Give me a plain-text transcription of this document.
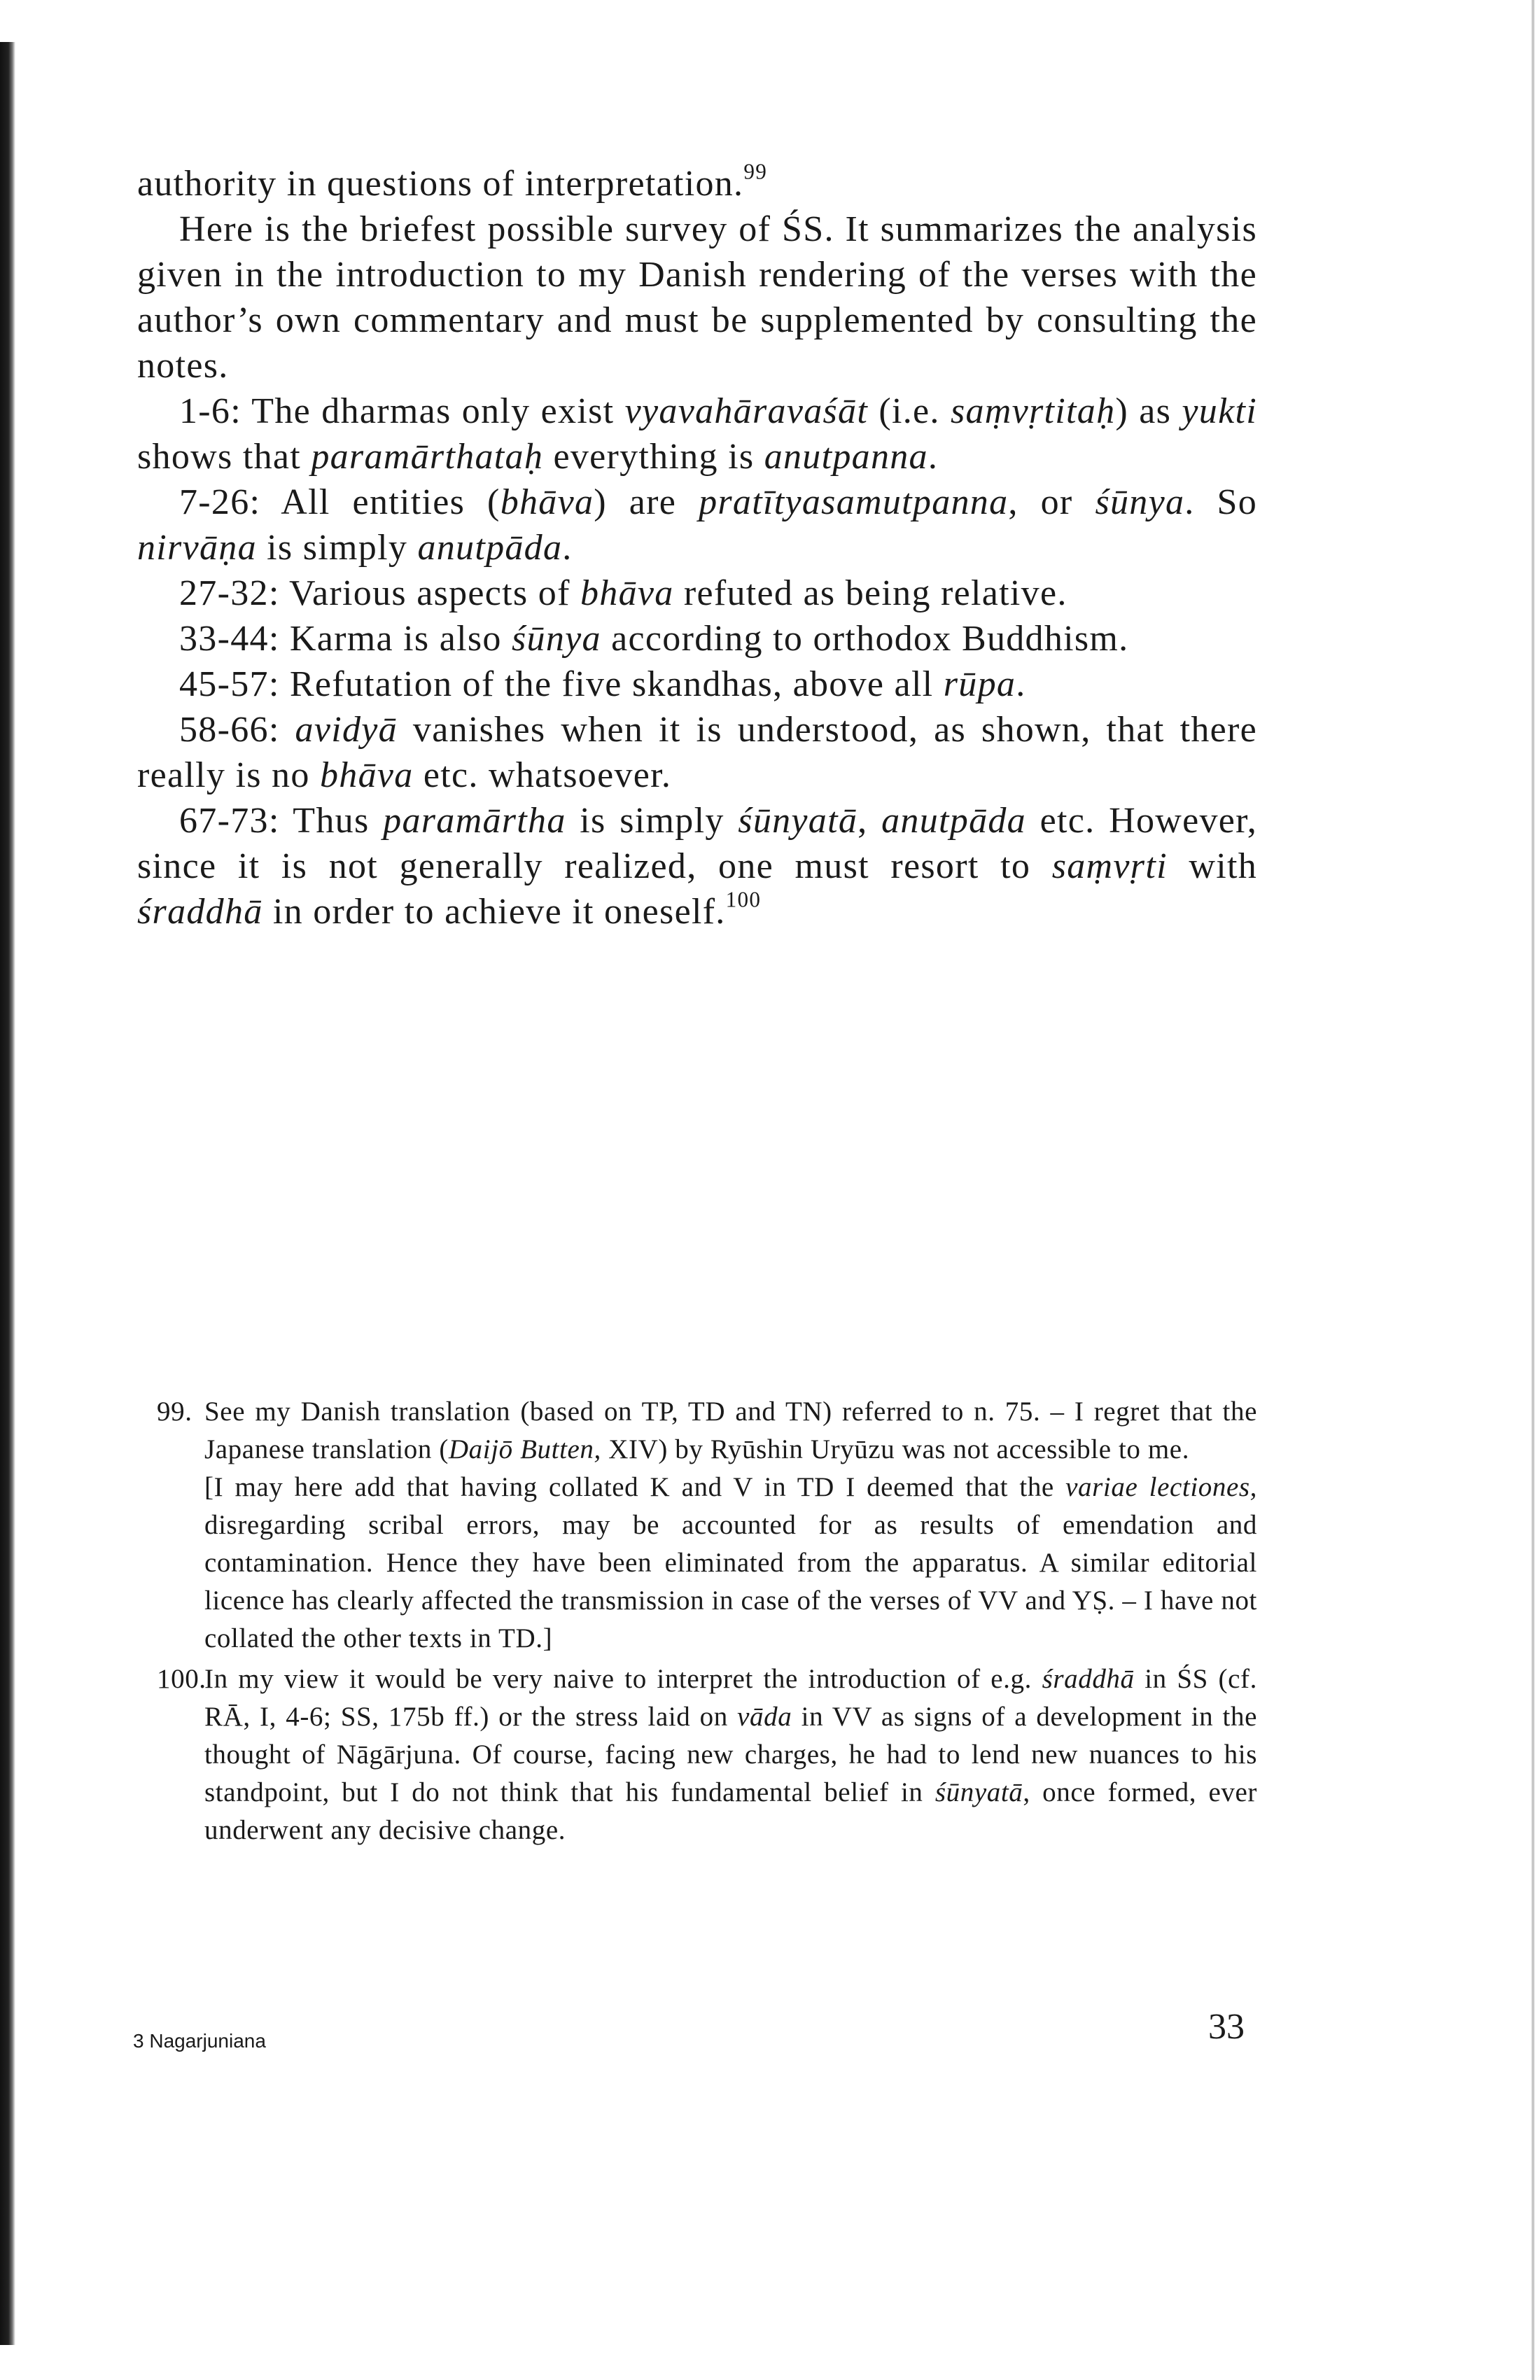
authority in questions of interpretation.$^{99}$

Here is the briefest possible survey of ŚS. It summarizes the analysis given in the introduction to my Danish rendering of the verses with the author’s own commentary and must be supplemented by consulting the notes.

1-6: The dharmas only exist vyavahāravaśāt (i.e. saṃvṛtitaḥ) as yukti shows that paramārthataḥ everything is anutpanna.

7-26: All entities (bhāva) are pratītyasamutpanna, or śūnya. So nirvāṇa is simply anutpāda.

27-32: Various aspects of bhāva refuted as being relative.

33-44: Karma is also śūnya according to orthodox Buddhism.

45-57: Refutation of the five skandhas, above all rūpa.

58-66: avidyā vanishes when it is understood, as shown, that there really is no bhāva etc. whatsoever.

67-73: Thus paramārtha is simply śūnyatā, anutpāda etc. However, since it is not generally realized, one must resort to saṃvṛti with śraddhā in order to achieve it oneself.$^{100}$

99. See my Danish translation (based on TP, TD and TN) referred to n. 75. – I regret that the Japanese translation (Daijō Butten, XIV) by Ryūshin Uryūzu was not accessible to me.

[I may here add that having collated K and V in TD I deemed that the variae lectiones, disregarding scribal errors, may be accounted for as results of emendation and contamination. Hence they have been eliminated from the apparatus. A similar editorial licence has clearly affected the transmission in case of the verses of VV and YṢ. – I have not collated the other texts in TD.]

100.

In my view it would be very naive to interpret the introduction of e.g. śraddhā in ŚS (cf. RĀ, I, 4-6; SS, 175b ff.) or the stress laid on vāda in VV as signs of a development in the thought of Nāgārjuna. Of course, facing new charges, he had to lend new nuances to his standpoint, but I do not think that his fundamental belief in śūnyatā, once formed, ever underwent any decisive change.

3 Nagarjuniana	33
